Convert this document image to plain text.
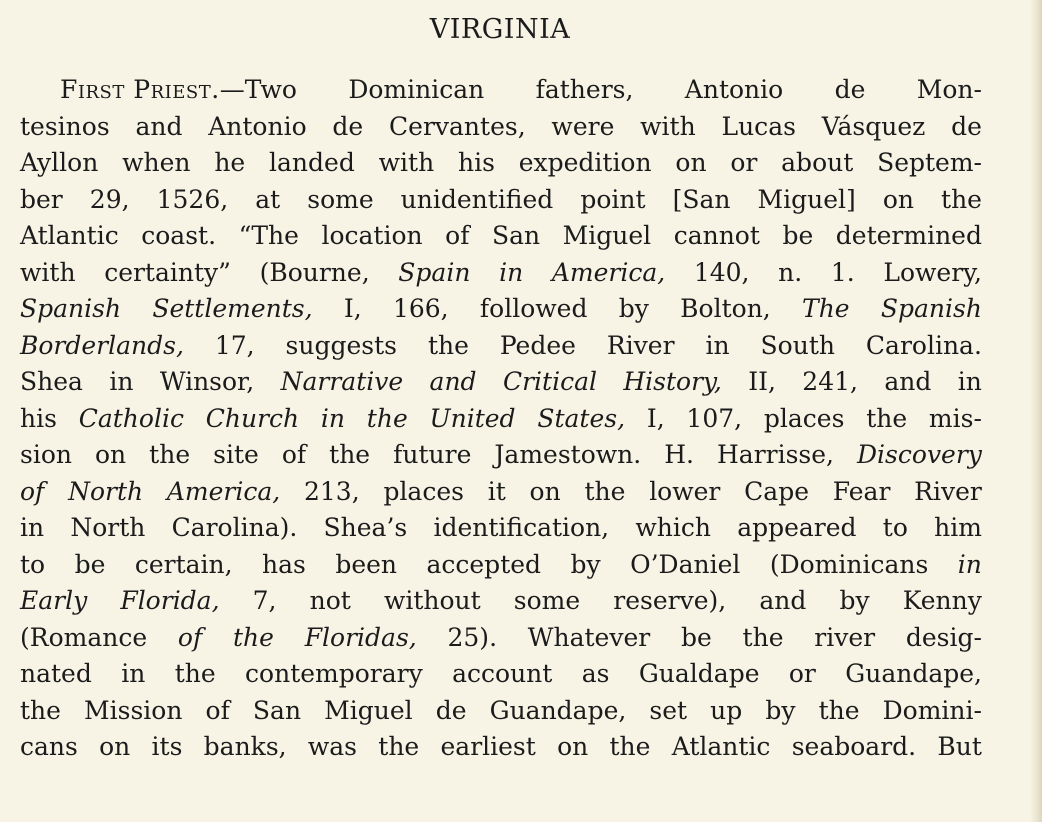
VIRGINIA
First Priest.—Two Dominican fathers, Antonio de Mon-
tesinos and Antonio de Cervantes, were with Lucas Vásquez de
Ayllon when he landed with his expedition on or about Septem-
ber 29, 1526, at some unidentified point [San Miguel] on the
Atlantic coast. “The location of San Miguel cannot be determined
with certainty” (Bourne, Spain in America, 140, n. 1. Lowery,
Spanish Settlements, I, 166, followed by Bolton, The Spanish
Borderlands, 17, suggests the Pedee River in South Carolina.
Shea in Winsor, Narrative and Critical History, II, 241, and in
his Catholic Church in the United States, I, 107, places the mis-
sion on the site of the future Jamestown. H. Harrisse, Discovery
of North America, 213, places it on the lower Cape Fear River
in North Carolina). Shea’s identification, which appeared to him
to be certain, has been accepted by O’Daniel (Dominicans in
Early Florida, 7, not without some reserve), and by Kenny
(Romance of the Floridas, 25). Whatever be the river desig-
nated in the contemporary account as Gualdape or Guandape,
the Mission of San Miguel de Guandape, set up by the Domini-
cans on its banks, was the earliest on the Atlantic seaboard. But
